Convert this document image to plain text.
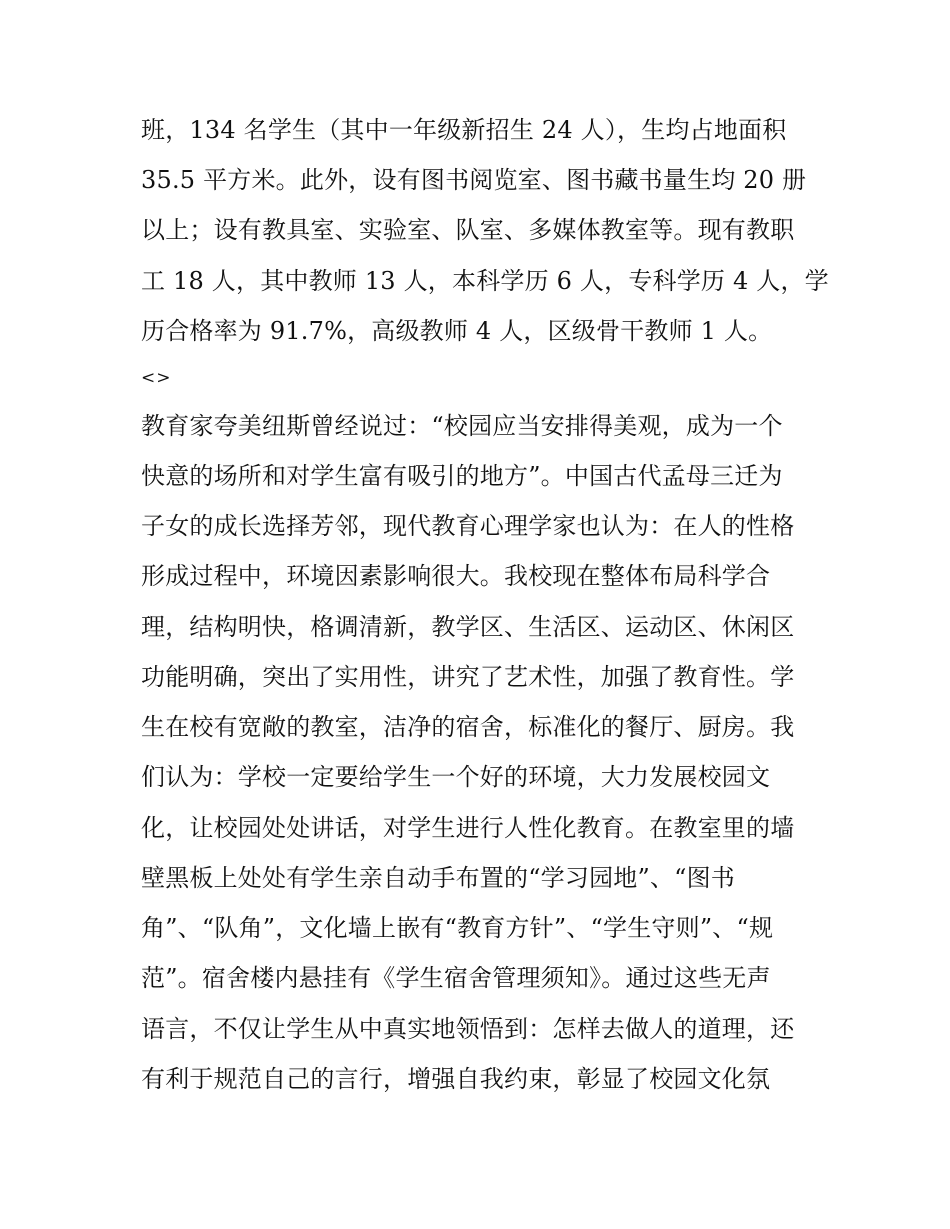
班，134 名学生（其中一年级新招生 24 人），生均占地面积
35.5 平方米。此外，设有图书阅览室、图书藏书量生均 20 册
以上；设有教具室、实验室、队室、多媒体教室等。现有教职
工 18 人，其中教师 13 人，本科学历 6 人，专科学历 4 人，学
历合格率为 91.7%，高级教师 4 人，区级骨干教师 1 人。
<>
教育家夸美纽斯曾经说过：“校园应当安排得美观，成为一个
快意的场所和对学生富有吸引的地方”。中国古代孟母三迁为
子女的成长选择芳邻，现代教育心理学家也认为：在人的性格
形成过程中，环境因素影响很大。我校现在整体布局科学合
理，结构明快，格调清新，教学区、生活区、运动区、休闲区
功能明确，突出了实用性，讲究了艺术性，加强了教育性。学
生在校有宽敞的教室，洁净的宿舍，标准化的餐厅、厨房。我
们认为：学校一定要给学生一个好的环境，大力发展校园文
化，让校园处处讲话，对学生进行人性化教育。在教室里的墙
壁黑板上处处有学生亲自动手布置的“学习园地”、“图书
角”、“队角”，文化墙上嵌有“教育方针”、“学生守则”、“规
范”。宿舍楼内悬挂有《学生宿舍管理须知》。通过这些无声
语言，不仅让学生从中真实地领悟到：怎样去做人的道理，还
有利于规范自己的言行，增强自我约束，彰显了校园文化氛
